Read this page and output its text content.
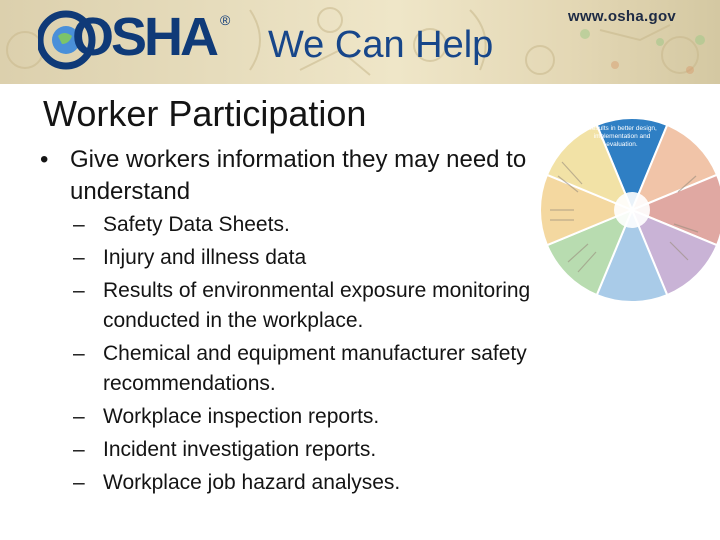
OSHA ®
We Can Help
www.osha.gov
Worker Participation
• Give workers information they may need to understand
– Safety Data Sheets.
– Injury and illness data
– Results of environmental exposure monitoring conducted in the workplace.
– Chemical and equipment manufacturer safety recommendations.
– Workplace inspection reports.
– Incident investigation reports.
– Workplace job hazard analyses.
WORKER
PARTICIPATION
Results in better design,
implementation and
evaluation.
